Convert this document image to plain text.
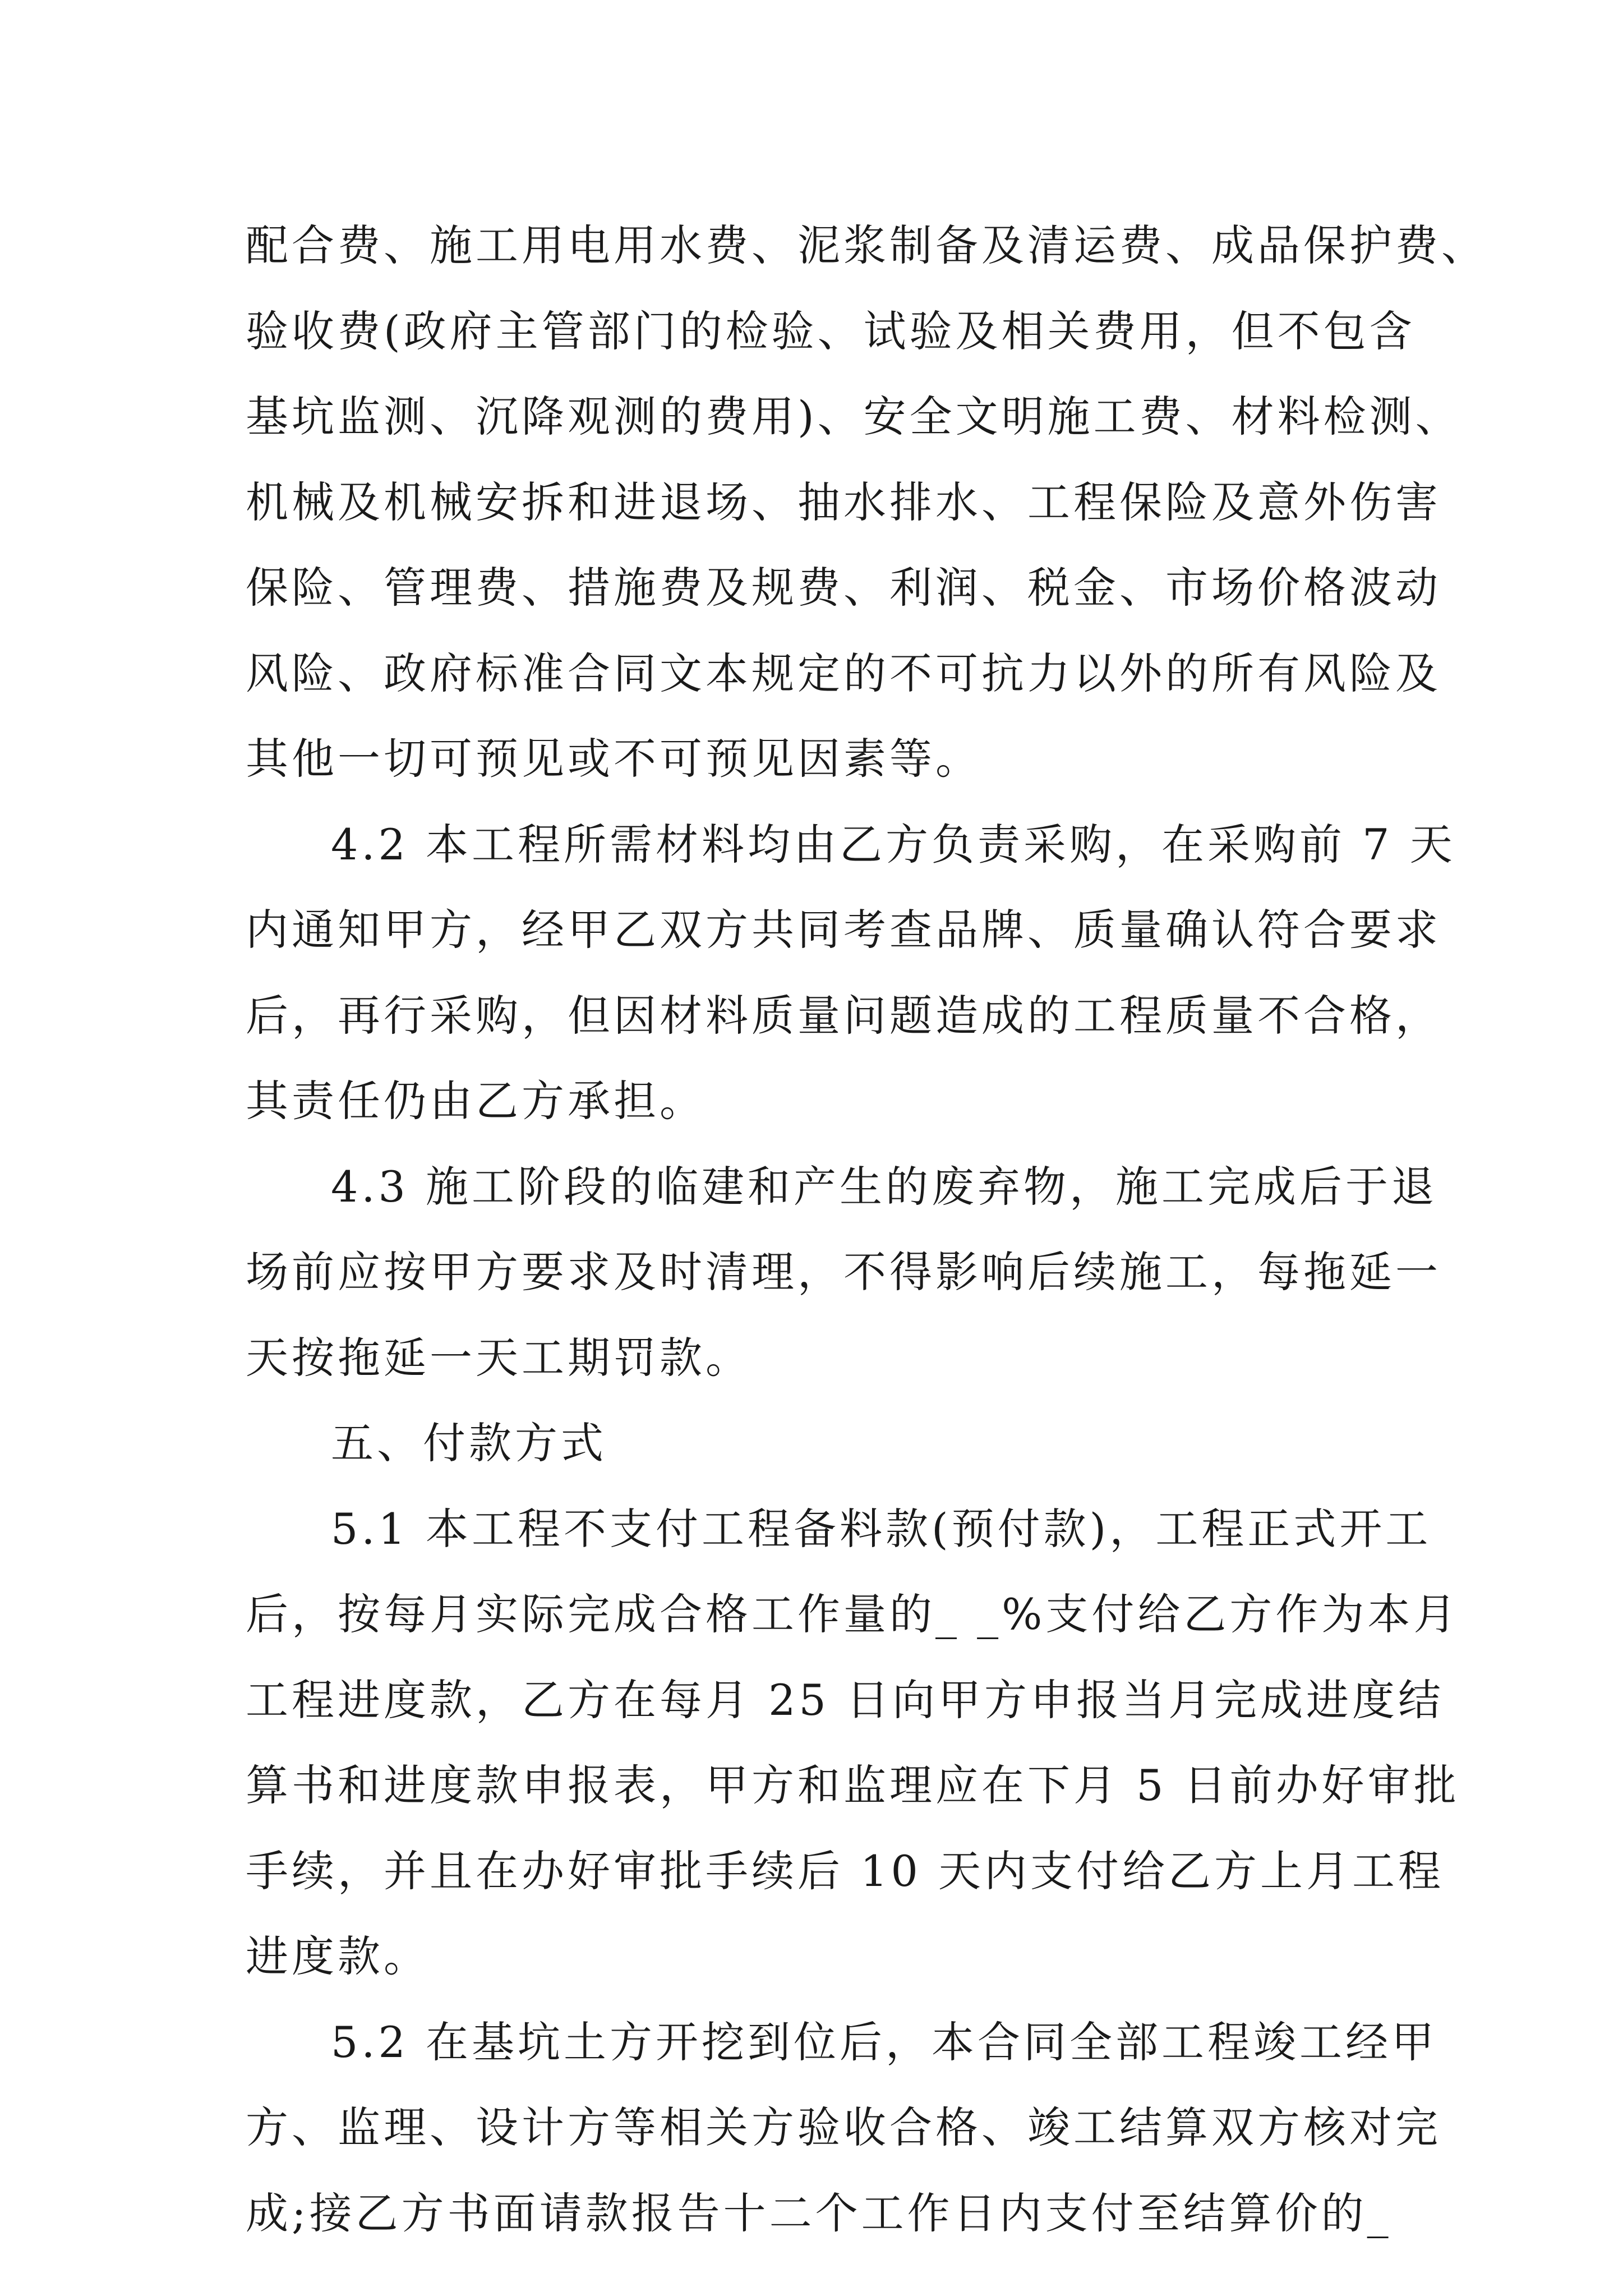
配合费、施工用电用水费、泥浆制备及清运费、成品保护费、
验收费(政府主管部门的检验、试验及相关费用，但不包含
基坑监测、沉降观测的费用)、安全文明施工费、材料检测、
机械及机械安拆和进退场、抽水排水、工程保险及意外伤害
保险、管理费、措施费及规费、利润、税金、市场价格波动
风险、政府标准合同文本规定的不可抗力以外的所有风险及
其他一切可预见或不可预见因素等。
4.2 本工程所需材料均由乙方负责采购，在采购前 7 天
内通知甲方，经甲乙双方共同考查品牌、质量确认符合要求
后，再行采购，但因材料质量问题造成的工程质量不合格，
其责任仍由乙方承担。
4.3 施工阶段的临建和产生的废弃物，施工完成后于退
场前应按甲方要求及时清理，不得影响后续施工，每拖延一
天按拖延一天工期罚款。
五、付款方式
5.1 本工程不支付工程备料款(预付款)，工程正式开工
后，按每月实际完成合格工作量的_ _%支付给乙方作为本月
工程进度款，乙方在每月 25 日向甲方申报当月完成进度结
算书和进度款申报表，甲方和监理应在下月 5 日前办好审批
手续，并且在办好审批手续后 10 天内支付给乙方上月工程
进度款。
5.2 在基坑土方开挖到位后，本合同全部工程竣工经甲
方、监理、设计方等相关方验收合格、竣工结算双方核对完
成;接乙方书面请款报告十二个工作日内支付至结算价的_
